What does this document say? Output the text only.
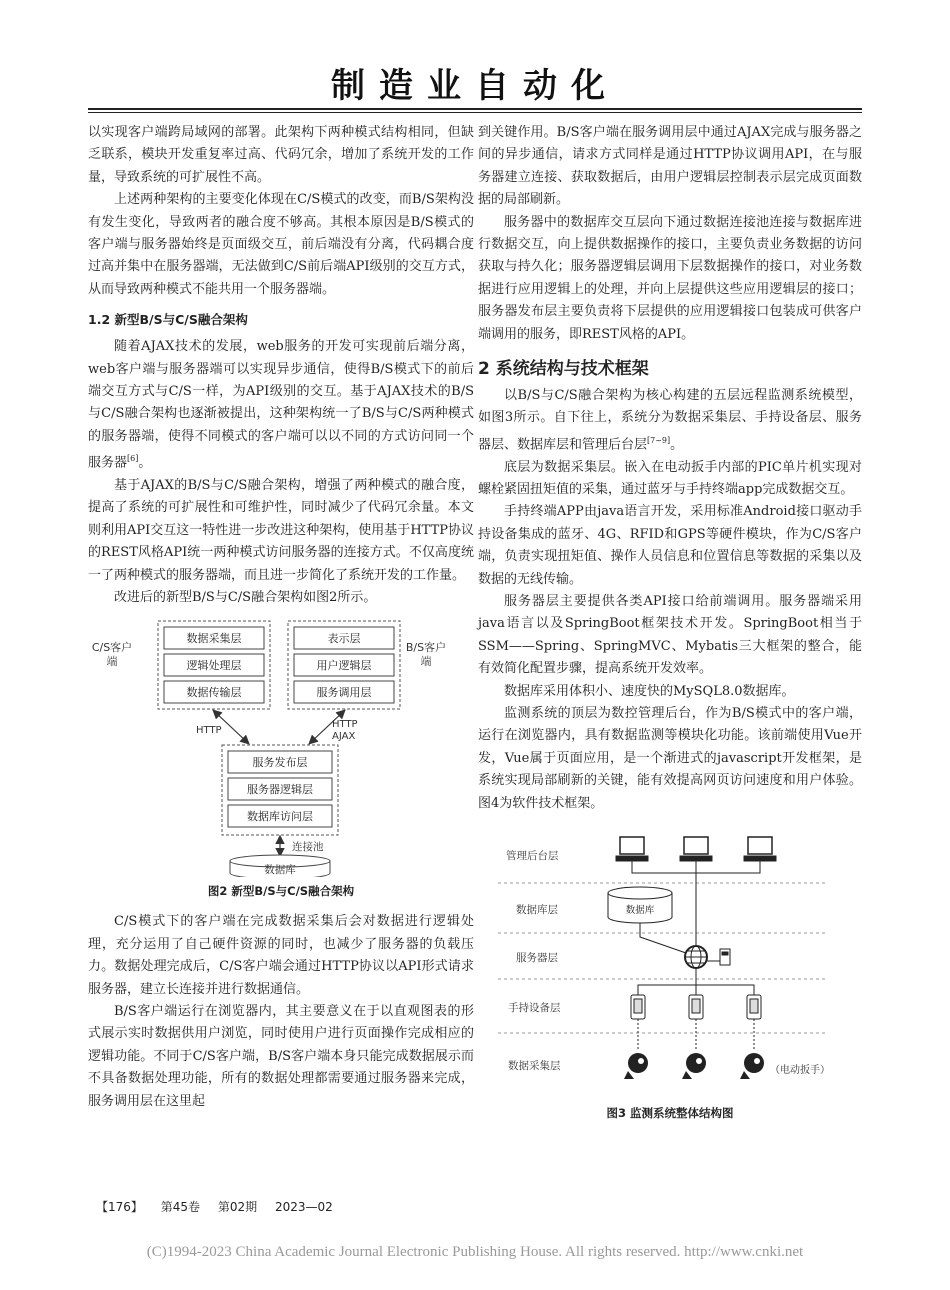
制造业自动化

以实现客户端跨局域网的部署。此架构下两种模式结构相同，但缺乏联系，模块开发重复率过高、代码冗余，增加了系统开发的工作量，导致系统的可扩展性不高。

上述两种架构的主要变化体现在C/S模式的改变，而B/S架构没有发生变化，导致两者的融合度不够高。其根本原因是B/S模式的客户端与服务器始终是页面级交互，前后端没有分离，代码耦合度过高并集中在服务器端，无法做到C/S前后端API级别的交互方式，从而导致两种模式不能共用一个服务器端。

1.2 新型B/S与C/S融合架构

随着AJAX技术的发展，web服务的开发可实现前后端分离，web客户端与服务器端可以实现异步通信，使得B/S模式下的前后端交互方式与C/S一样，为API级别的交互。基于AJAX技术的B/S与C/S融合架构也逐渐被提出，这种架构统一了B/S与C/S两种模式的服务器端，使得不同模式的客户端可以以不同的方式访问同一个服务器[6]。

基于AJAX的B/S与C/S融合架构，增强了两种模式的融合度，提高了系统的可扩展性和可维护性，同时减少了代码冗余量。本文则利用API交互这一特性进一步改进这种架构，使用基于HTTP协议的REST风格API统一两种模式访问服务器的连接方式。不仅高度统一了两种模式的服务器端，而且进一步简化了系统开发的工作量。

改进后的新型B/S与C/S融合架构如图2所示。

C/S客户
端
数据采集层
逻辑处理层
数据传输层
表示层
用户逻辑层
服务调用层
B/S客户
端
HTTP
HTTP
AJAX
服务发布层
服务器逻辑层
数据库访问层
连接池
数据库
图2 新型B/S与C/S融合架构

C/S模式下的客户端在完成数据采集后会对数据进行逻辑处理，充分运用了自己硬件资源的同时，也减少了服务器的负载压力。数据处理完成后，C/S客户端会通过HTTP协议以API形式请求服务器，建立长连接并进行数据通信。

B/S客户端运行在浏览器内，其主要意义在于以直观图表的形式展示实时数据供用户浏览，同时使用户进行页面操作完成相应的逻辑功能。不同于C/S客户端，B/S客户端本身只能完成数据展示而不具备数据处理功能，所有的数据处理都需要通过服务器来完成，服务调用层在这里起

到关键作用。B/S客户端在服务调用层中通过AJAX完成与服务器之间的异步通信，请求方式同样是通过HTTP协议调用API，在与服务器建立连接、获取数据后，由用户逻辑层控制表示层完成页面数据的局部刷新。

服务器中的数据库交互层向下通过数据连接池连接与数据库进行数据交互，向上提供数据操作的接口，主要负责业务数据的访问获取与持久化；服务器逻辑层调用下层数据操作的接口，对业务数据进行应用逻辑上的处理，并向上层提供这些应用逻辑层的接口；服务器发布层主要负责将下层提供的应用逻辑接口包装成可供客户端调用的服务，即REST风格的API。

2 系统结构与技术框架

以B/S与C/S融合架构为核心构建的五层远程监测系统模型，如图3所示。自下往上，系统分为数据采集层、手持设备层、服务器层、数据库层和管理后台层[7~9]。

底层为数据采集层。嵌入在电动扳手内部的PIC单片机实现对螺栓紧固扭矩值的采集，通过蓝牙与手持终端app完成数据交互。

手持终端APP由java语言开发，采用标准Android接口驱动手持设备集成的蓝牙、4G、RFID和GPS等硬件模块，作为C/S客户端，负责实现扭矩值、操作人员信息和位置信息等数据的采集以及数据的无线传输。

服务器层主要提供各类API接口给前端调用。服务器端采用java语言以及SpringBoot框架技术开发。SpringBoot相当于SSM——Spring、SpringMVC、Mybatis三大框架的整合，能有效简化配置步骤，提高系统开发效率。

数据库采用体积小、速度快的MySQL8.0数据库。

监测系统的顶层为数控管理后台，作为B/S模式中的客户端，运行在浏览器内，具有数据监测等模块化功能。该前端使用Vue开发，Vue属于页面应用，是一个渐进式的javascript开发框架，是系统实现局部刷新的关键，能有效提高网页访问速度和用户体验。图4为软件技术框架。

管理后台层
数据库层
服务器层
手持设备层
数据采集层
数据库
（电动扳手）
图3 监测系统整体结构图
【176】 第45卷 第02期 2023—02
(C)1994-2023 China Academic Journal Electronic Publishing House. All rights reserved. http://www.cnki.net
